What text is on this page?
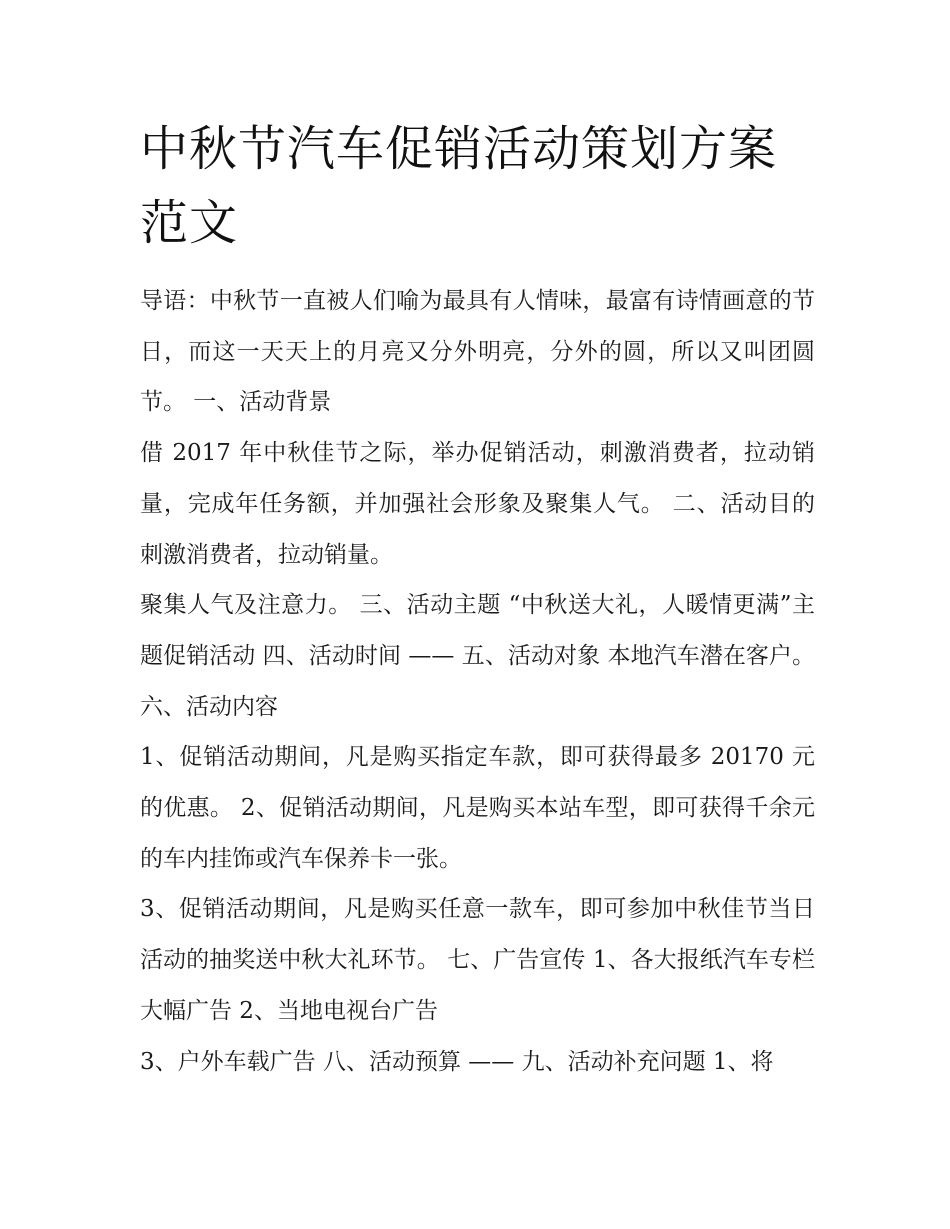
中秋节汽车促销活动策划方案范文

导语：中秋节一直被人们喻为最具有人情味，最富有诗情画意的节日，而这一天天上的月亮又分外明亮，分外的圆，所以又叫团圆节。 一、活动背景

借 2017 年中秋佳节之际，举办促销活动，刺激消费者，拉动销量，完成年任务额，并加强社会形象及聚集人气。 二、活动目的 刺激消费者，拉动销量。

聚集人气及注意力。 三、活动主题 “中秋送大礼，人暖情更满”主题促销活动 四、活动时间 —— 五、活动对象 本地汽车潜在客户。 六、活动内容

1、促销活动期间，凡是购买指定车款，即可获得最多 20170 元的优惠。 2、促销活动期间，凡是购买本站车型，即可获得千余元的车内挂饰或汽车保养卡一张。

3、促销活动期间，凡是购买任意一款车，即可参加中秋佳节当日活动的抽奖送中秋大礼环节。 七、广告宣传 1、各大报纸汽车专栏大幅广告 2、当地电视台广告

3、户外车载广告 八、活动预算 —— 九、活动补充问题 1、将
